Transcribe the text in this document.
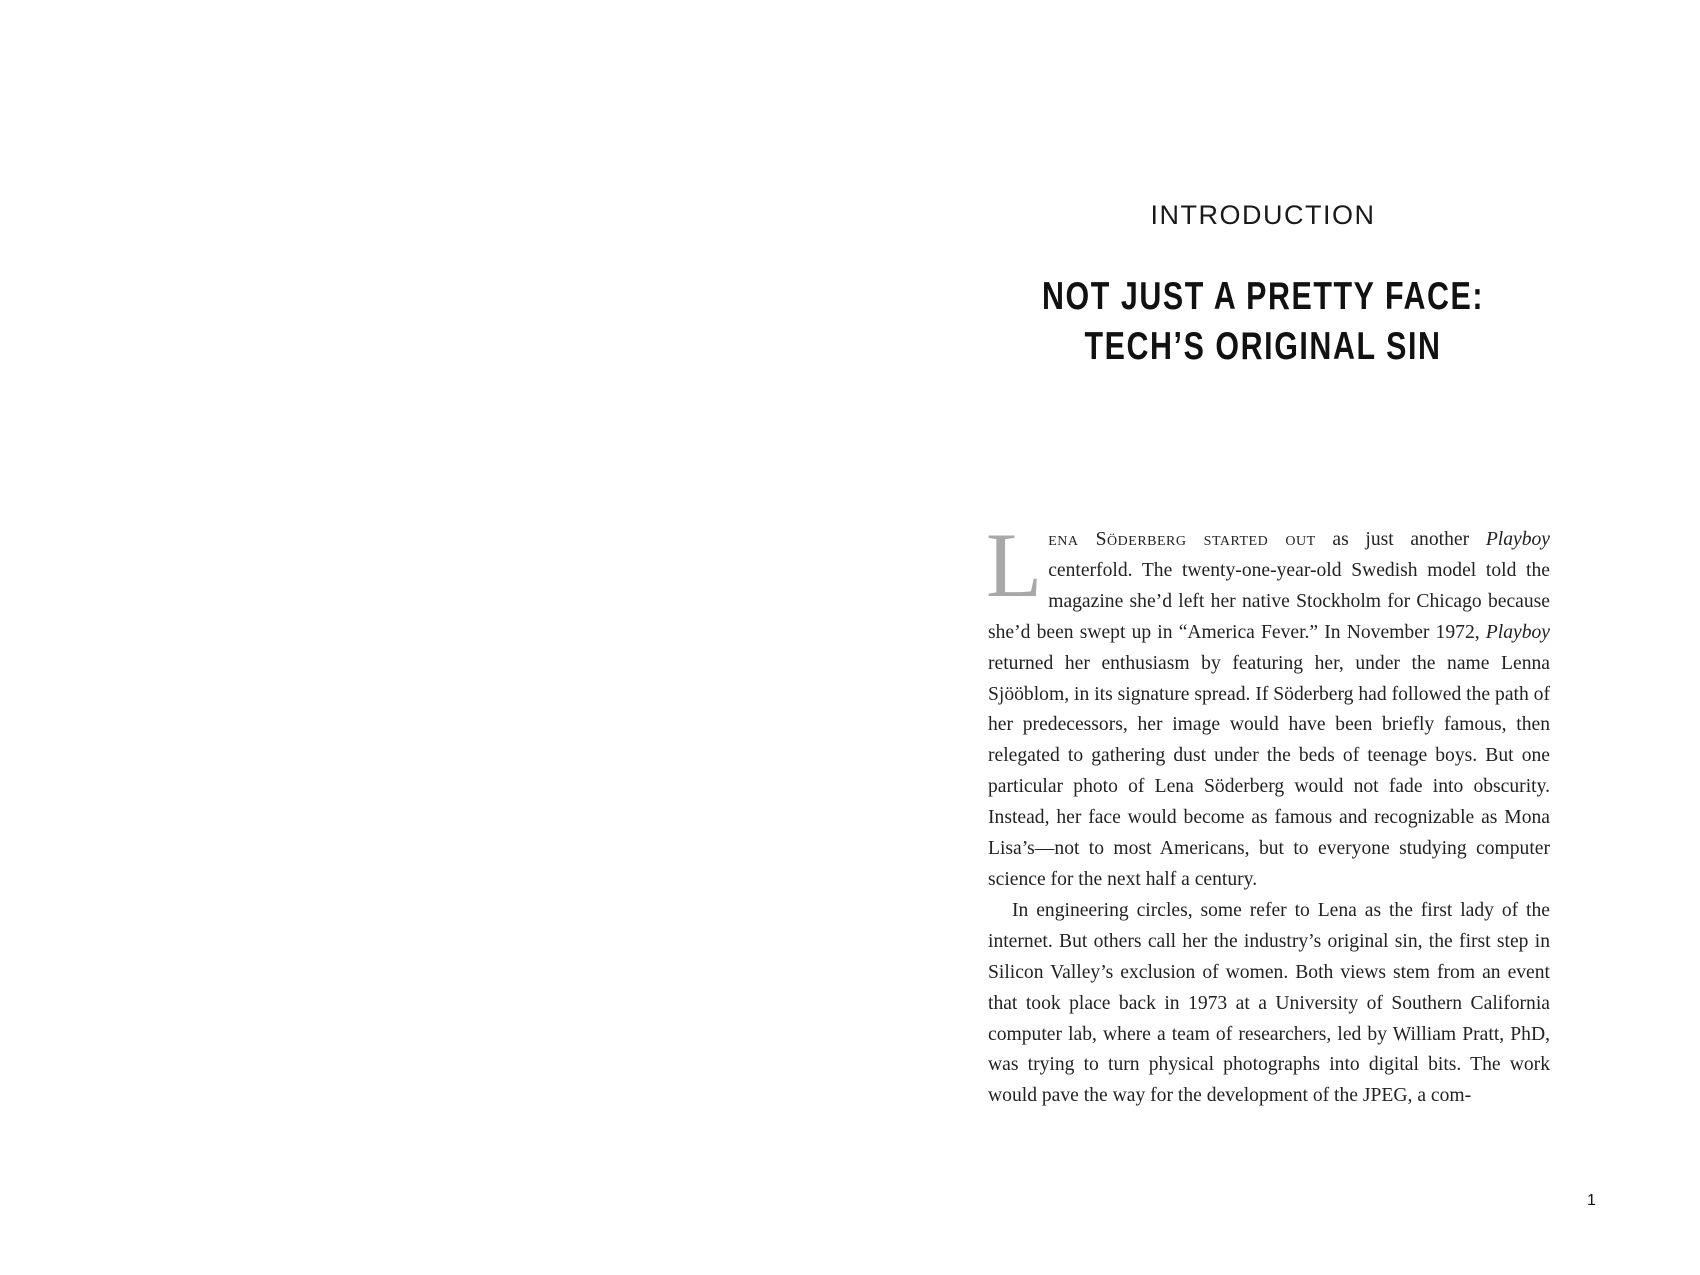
INTRODUCTION
NOT JUST A PRETTY FACE:
TECH’S ORIGINAL SIN

Lena Söderberg started out as just another Playboy centerfold. The twenty-one-year-old Swedish model told the magazine she’d left her native Stockholm for Chicago because she’d been swept up in “America Fever.” In November 1972, Playboy returned her enthusiasm by featuring her, under the name Lenna Sjööblom, in its signature spread. If Söderberg had followed the path of her predecessors, her image would have been briefly famous, then relegated to gathering dust under the beds of teenage boys. But one particular photo of Lena Söderberg would not fade into obscurity. Instead, her face would become as famous and recognizable as Mona Lisa’s—not to most Americans, but to everyone studying computer science for the next half a century.

In engineering circles, some refer to Lena as the first lady of the internet. But others call her the industry’s original sin, the first step in Silicon Valley’s exclusion of women. Both views stem from an event that took place back in 1973 at a University of Southern California computer lab, where a team of researchers, led by William Pratt, PhD, was trying to turn physical photographs into digital bits. The work would pave the way for the development of the JPEG, a com-

1
